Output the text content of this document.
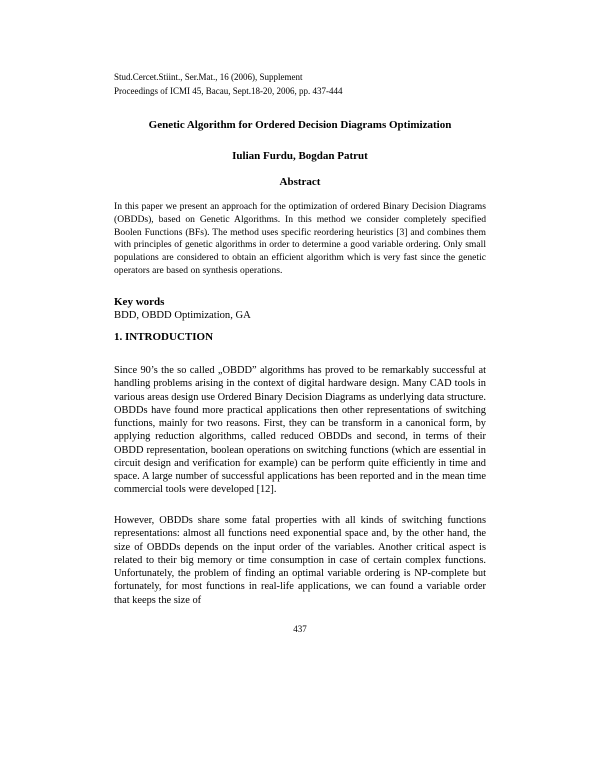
Stud.Cercet.Stiint., Ser.Mat., 16 (2006), Supplement
Proceedings of ICMI 45, Bacau, Sept.18-20, 2006, pp. 437-444
Genetic Algorithm for Ordered Decision Diagrams Optimization
Iulian Furdu, Bogdan Patrut
Abstract
In this paper we present an approach for the optimization of ordered Binary Decision Diagrams (OBDDs), based on Genetic Algorithms. In this method we consider completely specified Boolen Functions (BFs). The method uses specific reordering heuristics [3] and combines them with principles of genetic algorithms in order to determine a good variable ordering. Only small populations are considered to obtain an efficient algorithm which is very fast since the genetic operators are based on synthesis operations.
Key words
BDD, OBDD Optimization, GA
1. INTRODUCTION
Since 90’s the so called „OBDD” algorithms has proved to be remarkably successful at handling problems arising in the context of digital hardware design. Many CAD tools in various areas design use Ordered Binary Decision Diagrams as underlying data structure. OBDDs have found more practical applications then other representations of switching functions, mainly for two reasons. First, they can be transform in a canonical form, by applying reduction algorithms, called reduced OBDDs and second, in terms of their OBDD representation, boolean operations on switching functions (which are essential in circuit design and verification for example) can be perform quite efficiently in time and space. A large number of successful applications has been reported and in the mean time commercial tools were developed [12].
However, OBDDs share some fatal properties with all kinds of switching functions representations: almost all functions need exponential space and, by the other hand, the size of OBDDs depends on the input order of the variables. Another critical aspect is related to their big memory or time consumption in case of certain complex functions. Unfortunately, the problem of finding an optimal variable ordering is NP-complete but fortunately, for most functions in real-life applications, we can found a variable order that keeps the size of
437
